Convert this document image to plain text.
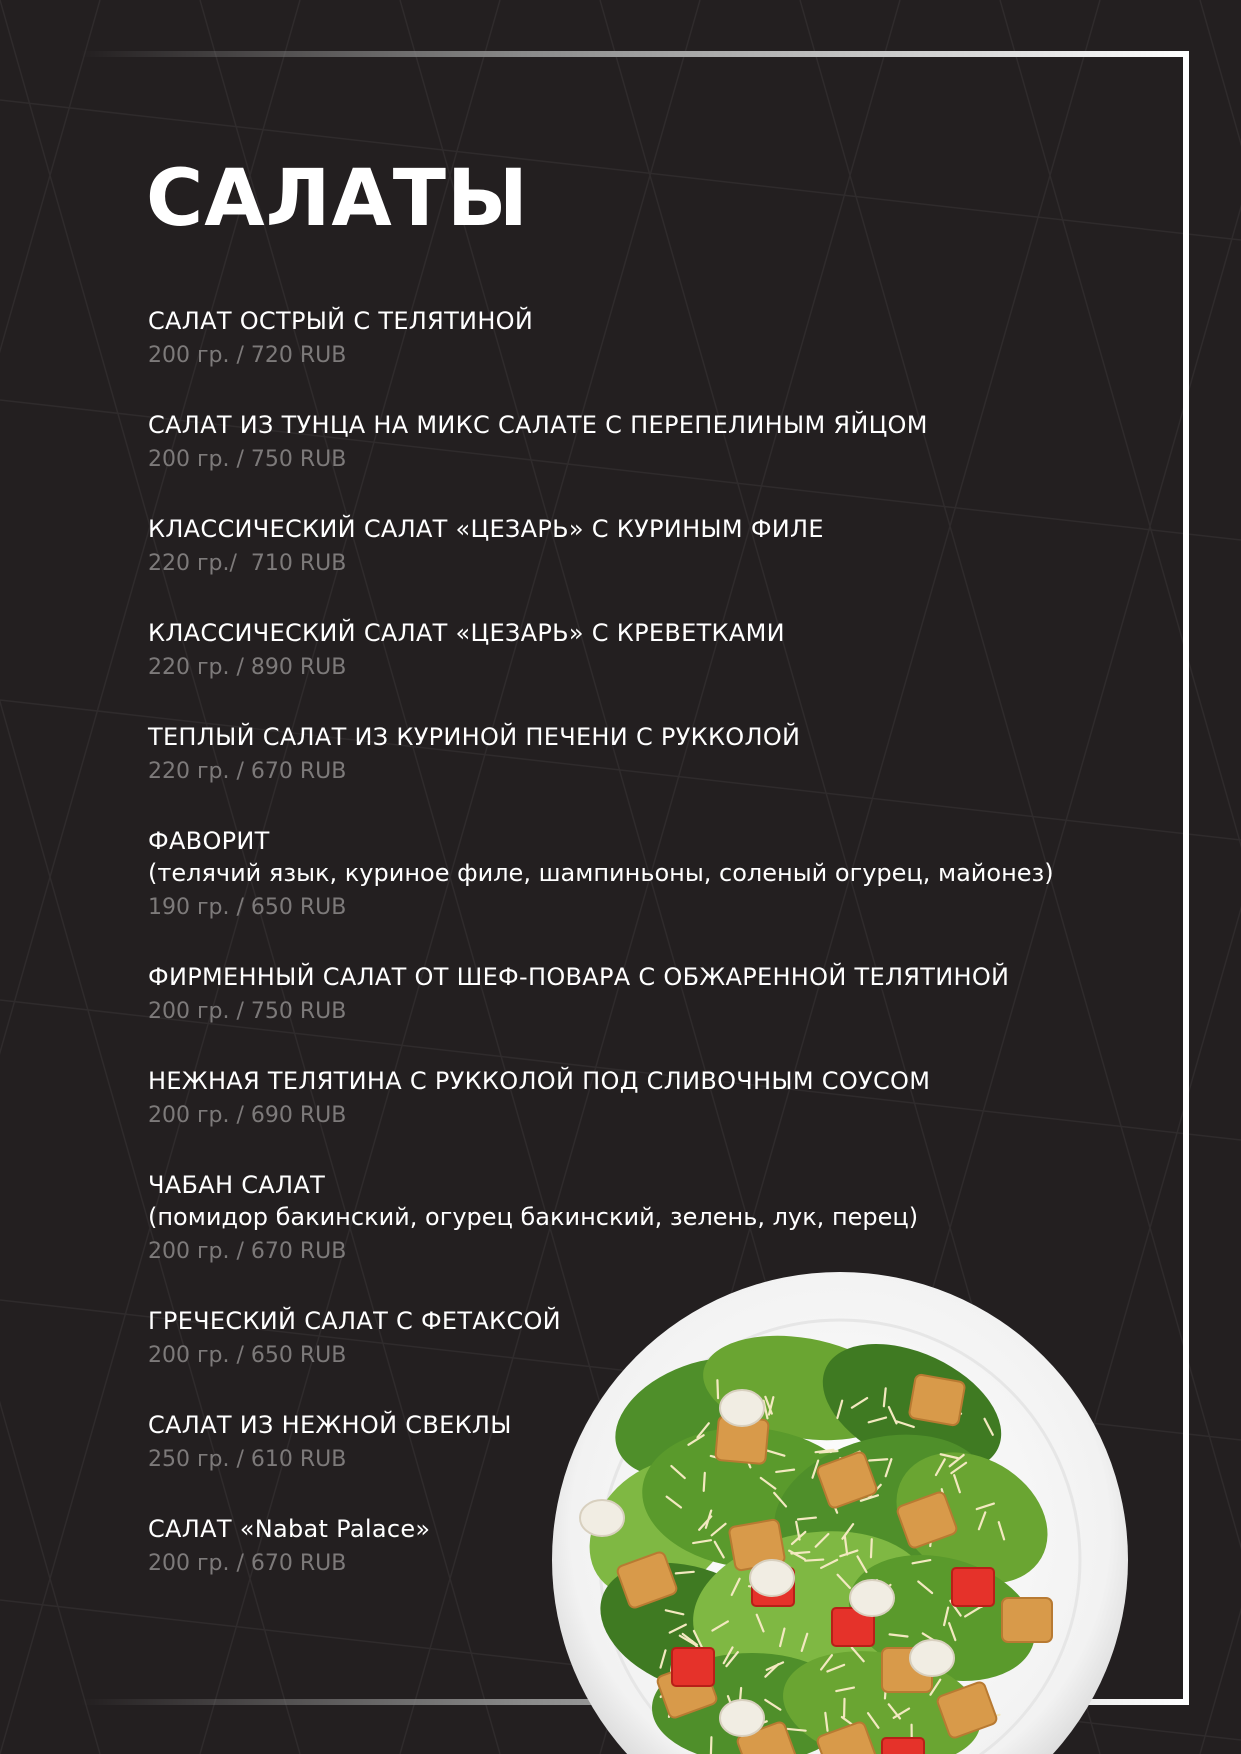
САЛАТЫ
САЛАТ ОСТРЫЙ С ТЕЛЯТИНОЙ
200 гр. / 720 RUB
САЛАТ ИЗ ТУНЦА НА МИКС САЛАТЕ С ПЕРЕПЕЛИНЫМ ЯЙЦОМ
200 гр. / 750 RUB
КЛАССИЧЕСКИЙ САЛАТ «ЦЕЗАРЬ» С КУРИНЫМ ФИЛЕ
220 гр./  710 RUB
КЛАССИЧЕСКИЙ САЛАТ «ЦЕЗАРЬ» С КРЕВЕТКАМИ
220 гр. / 890 RUB
ТЕПЛЫЙ САЛАТ ИЗ КУРИНОЙ ПЕЧЕНИ С РУККОЛОЙ
220 гр. / 670 RUB
ФАВОРИТ
(телячий язык, куриное филе, шампиньоны, соленый огурец, майонез)
190 гр. / 650 RUB
ФИРМЕННЫЙ САЛАТ ОТ ШЕФ-ПОВАРА С ОБЖАРЕННОЙ ТЕЛЯТИНОЙ
200 гр. / 750 RUB
НЕЖНАЯ ТЕЛЯТИНА С РУККОЛОЙ ПОД СЛИВОЧНЫМ СОУСОМ
200 гр. / 690 RUB
ЧАБАН САЛАТ
(помидор бакинский, огурец бакинский, зелень, лук, перец)
200 гр. / 670 RUB
ГРЕЧЕСКИЙ САЛАТ С ФЕТАКСОЙ
200 гр. / 650 RUB
САЛАТ ИЗ НЕЖНОЙ СВЕКЛЫ
250 гр. / 610 RUB
САЛАТ «Nabat Palace»
200 гр. / 670 RUB
